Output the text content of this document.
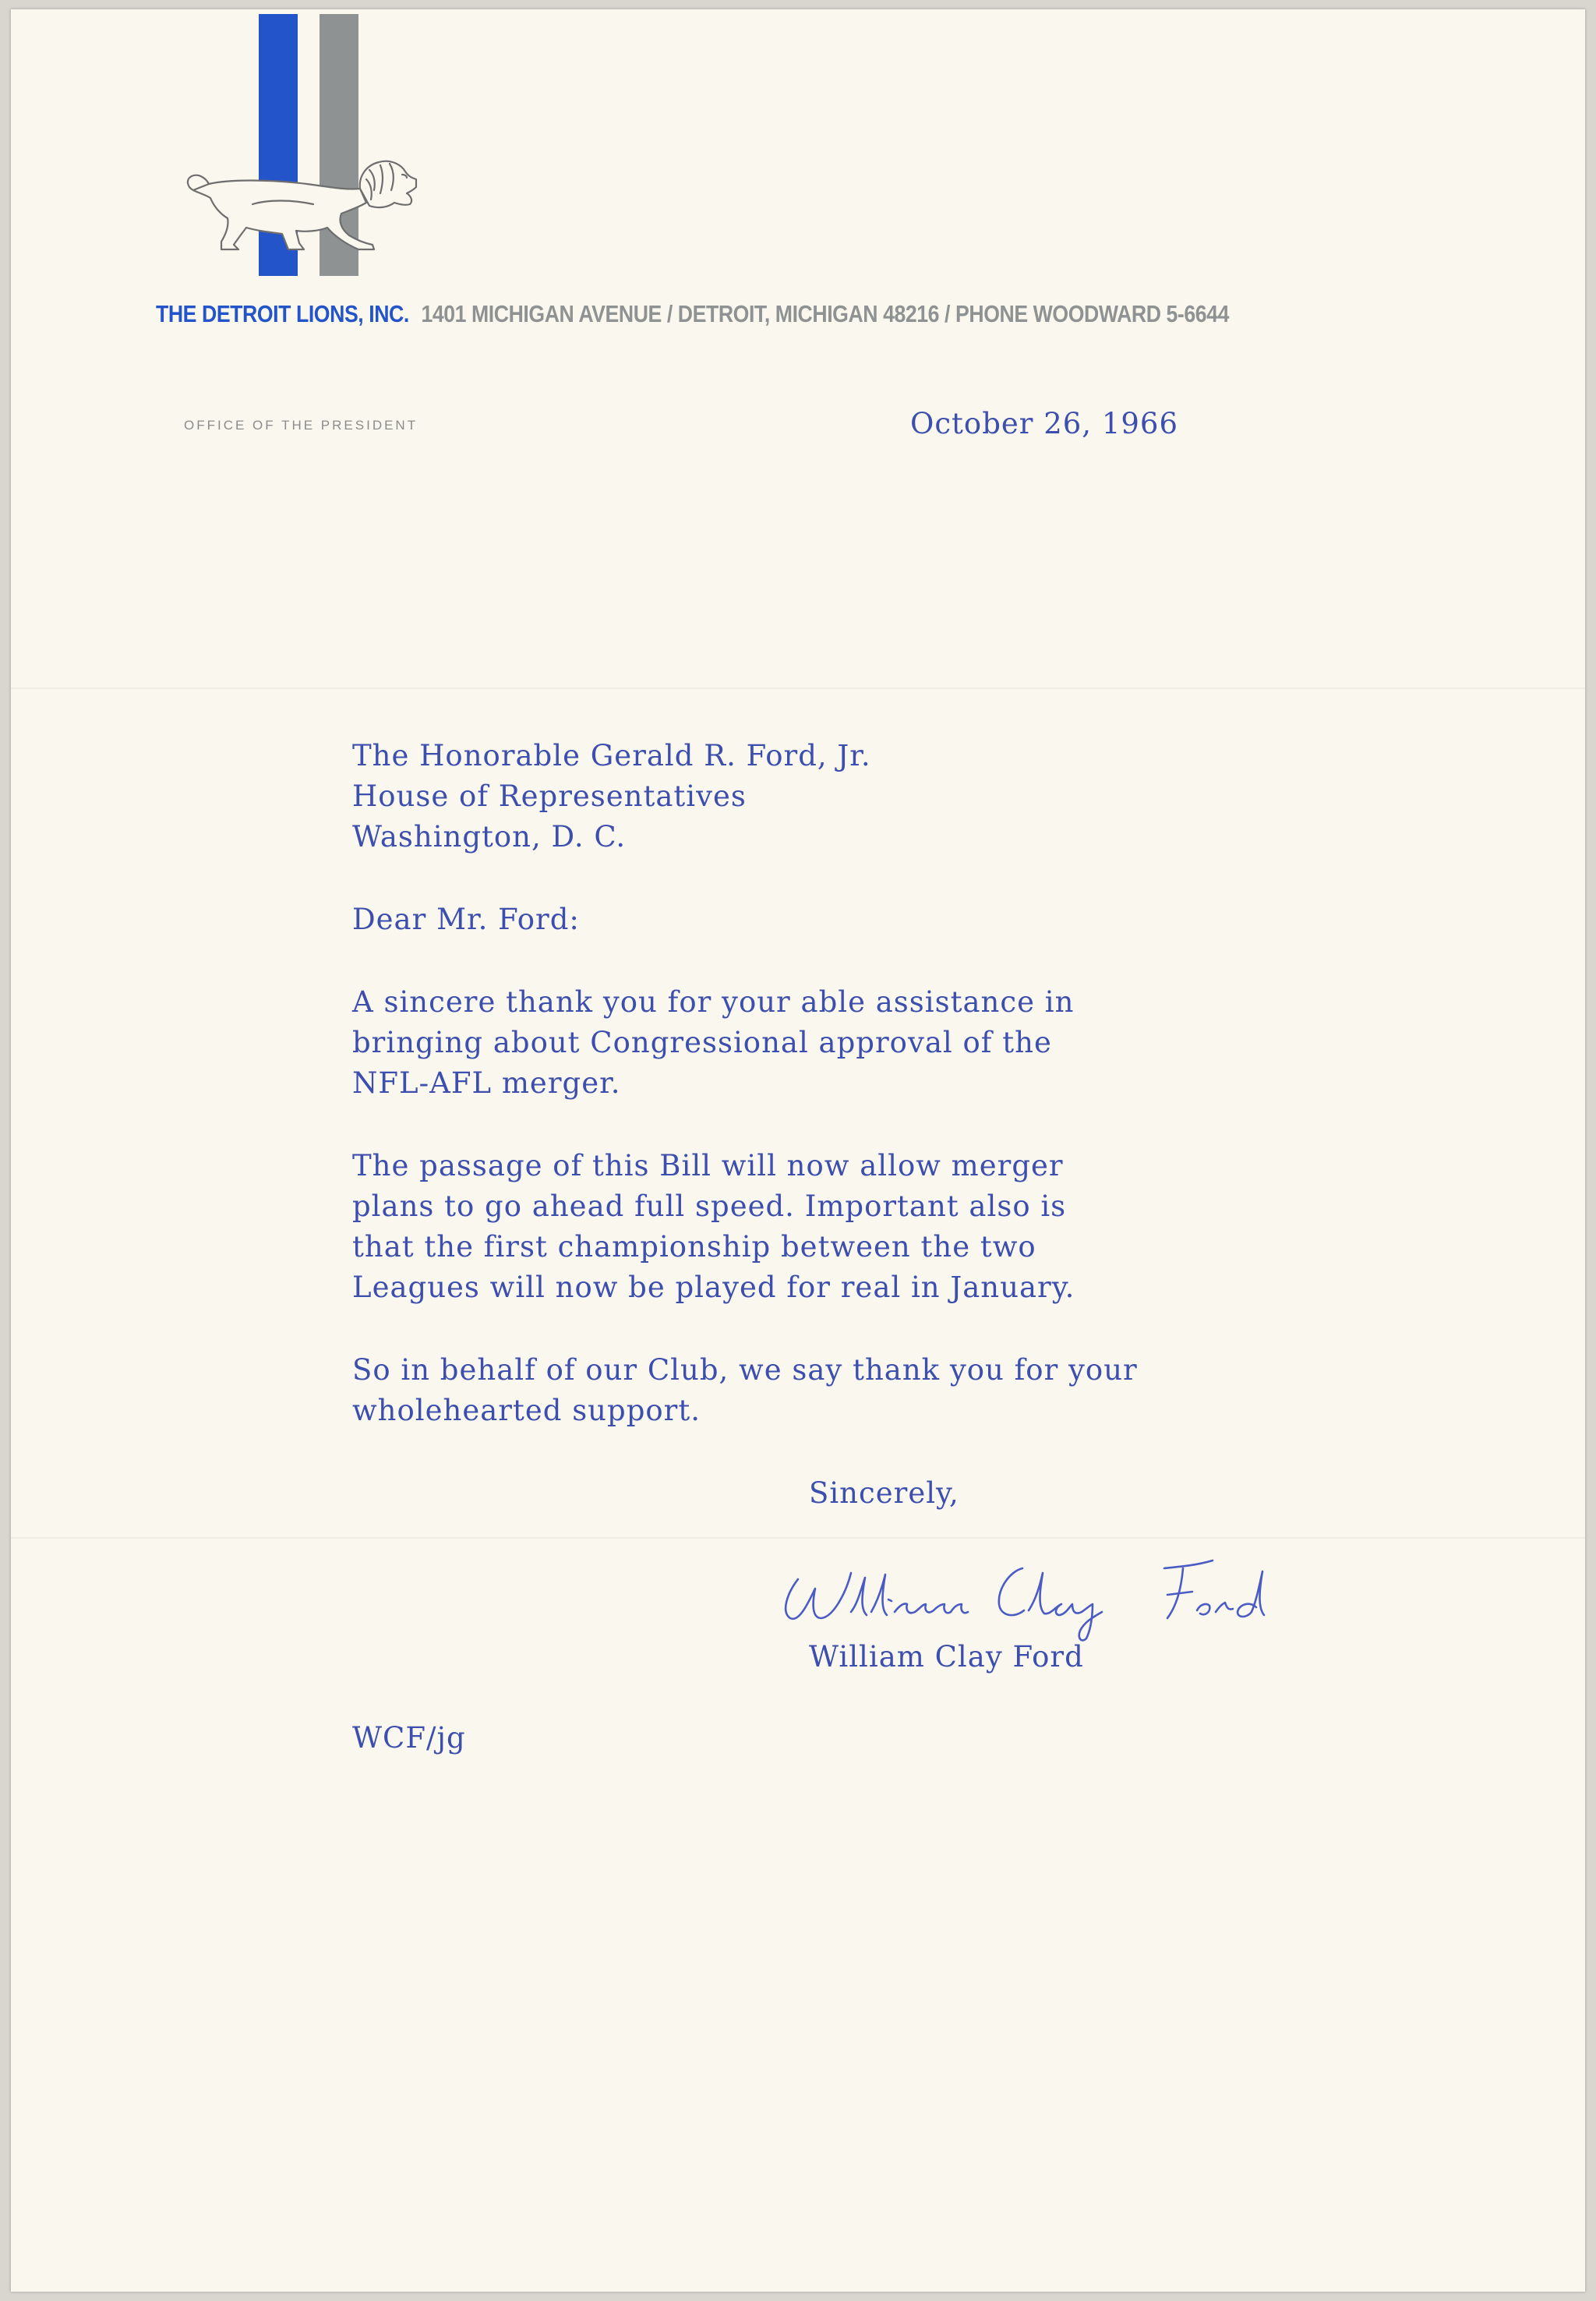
THE DETROIT LIONS, INC. 1401 MICHIGAN AVENUE / DETROIT, MICHIGAN 48216 / PHONE WOODWARD 5-6644
OFFICE OF THE PRESIDENT	October 26, 1966
The Honorable Gerald R. Ford, Jr.
House of Representatives
Washington, D. C.
Dear Mr. Ford:
A sincere thank you for your able assistance in
bringing about Congressional approval of the
NFL-AFL merger.
The passage of this Bill will now allow merger
plans to go ahead full speed. Important also is
that the first championship between the two
Leagues will now be played for real in January.
So in behalf of our Club, we say thank you for your
wholehearted support.
Sincerely,
William Clay Ford
WCF/jg
